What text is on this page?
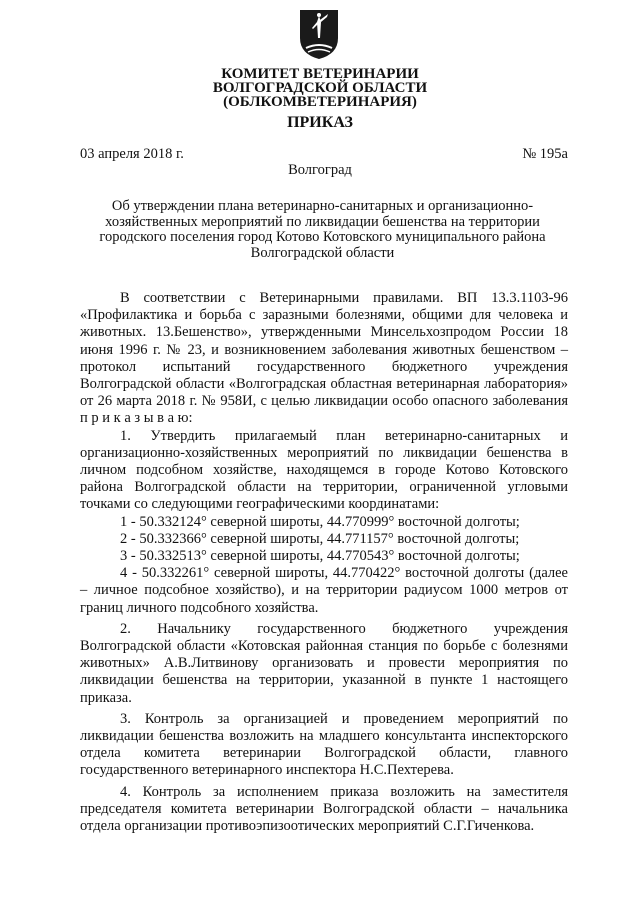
КОМИТЕТ ВЕТЕРИНАРИИ
ВОЛГОГРАДСКОЙ ОБЛАСТИ
(ОБЛКОМВЕТЕРИНАРИЯ)
ПРИКАЗ
03 апреля 2018 г.	№ 195а
Волгоград

Об утверждении плана ветеринарно-санитарных и организационно-хозяйственных мероприятий по ликвидации бешенства на территории городского поселения город Котово Котовского муниципального района Волгоградской области

В соответствии с Ветеринарными правилами. ВП 13.3.1103-96 «Профилактика и борьба с заразными болезнями, общими для человека и животных. 13.Бешенство», утвержденными Минсельхозпродом России 18 июня 1996 г. № 23, и возникновением заболевания животных бешенством – протокол испытаний государственного бюджетного учреждения Волгоградской области «Волгоградская областная ветеринарная лаборатория» от 26 марта 2018 г. № 958И, с целью ликвидации особо опасного заболевания п р и к а з ы в а ю:

1. Утвердить прилагаемый план ветеринарно-санитарных и организационно-хозяйственных мероприятий по ликвидации бешенства в личном подсобном хозяйстве, находящемся в городе Котово Котовского района Волгоградской области на территории, ограниченной угловыми точками со следующими географическими координатами:

1 - 50.332124° северной широты, 44.770999° восточной долготы;

2 - 50.332366° северной широты, 44.771157° восточной долготы;

3 - 50.332513° северной широты, 44.770543° восточной долготы;

4 - 50.332261° северной широты, 44.770422° восточной долготы (далее – личное подсобное хозяйство), и на территории радиусом 1000 метров от границ личного подсобного хозяйства.

2. Начальнику государственного бюджетного учреждения Волгоградской области «Котовская районная станция по борьбе с болезнями животных» А.В.Литвинову организовать и провести мероприятия по ликвидации бешенства на территории, указанной в пункте 1 настоящего приказа.

3. Контроль за организацией и проведением мероприятий по ликвидации бешенства возложить на младшего консультанта инспекторского отдела комитета ветеринарии Волгоградской области, главного государственного ветеринарного инспектора Н.С.Пехтерева.

4. Контроль за исполнением приказа возложить на заместителя председателя комитета ветеринарии Волгоградской области – начальника отдела организации противоэпизоотических мероприятий С.Г.Гиченкова.
